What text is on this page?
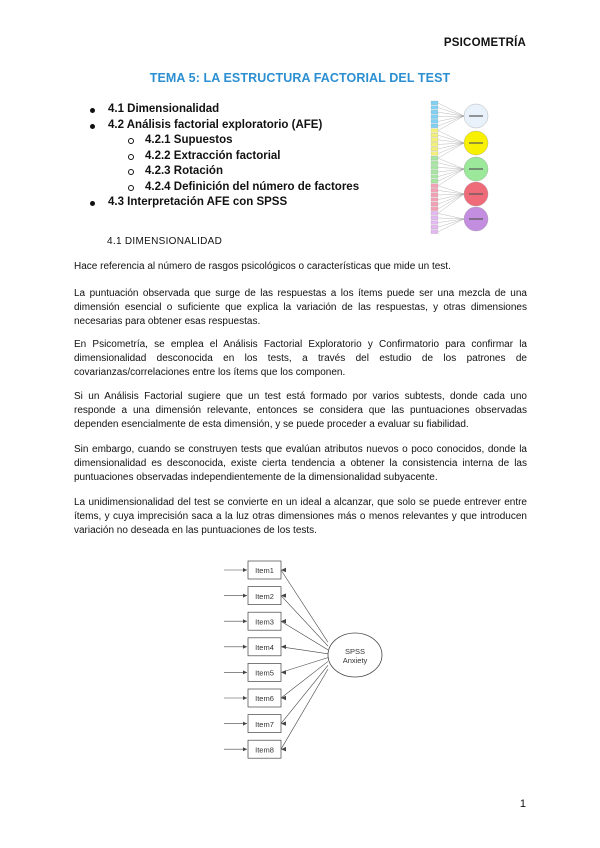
PSICOMETRÍA
TEMA 5: LA ESTRUCTURA FACTORIAL DEL TEST
4.1 Dimensionalidad
4.2 Análisis factorial exploratorio (AFE)
4.2.1 Supuestos
4.2.2 Extracción factorial
4.2.3 Rotación
4.2.4 Definición del número de factores
4.3 Interpretación AFE con SPSS
4.1 DIMENSIONALIDAD
Hace referencia al número de rasgos psicológicos o características que mide un test.
La puntuación observada que surge de las respuestas a los ítems puede ser una mezcla de una dimensión esencial o suficiente que explica la variación de las respuestas, y otras dimensiones necesarias para obtener esas respuestas.
En Psicometría, se emplea el Análisis Factorial Exploratorio y Confirmatorio para confirmar la dimensionalidad desconocida en los tests, a través del estudio de los patrones de covarianzas/correlaciones entre los ítems que los componen.
Si un Análisis Factorial sugiere que un test está formado por varios subtests, donde cada uno responde a una dimensión relevante, entonces se considera que las puntuaciones observadas dependen esencialmente de esta dimensión, y se puede proceder a evaluar su fiabilidad.
Sin embargo, cuando se construyen tests que evalúan atributos nuevos o poco conocidos, donde la dimensionalidad es desconocida, existe cierta tendencia a obtener la consistencia interna de las puntuaciones observadas independientemente de la dimensionalidad subyacente.
La unidimensionalidad del test se convierte en un ideal a alcanzar, que solo se puede entrever entre ítems, y cuya imprecisión saca a la luz otras dimensiones más o menos relevantes y que introducen variación no deseada en las puntuaciones de los tests.
Item1
Item2
Item3
Item4
Item5
Item6
Item7
Item8
SPSS
Anxiety
1
